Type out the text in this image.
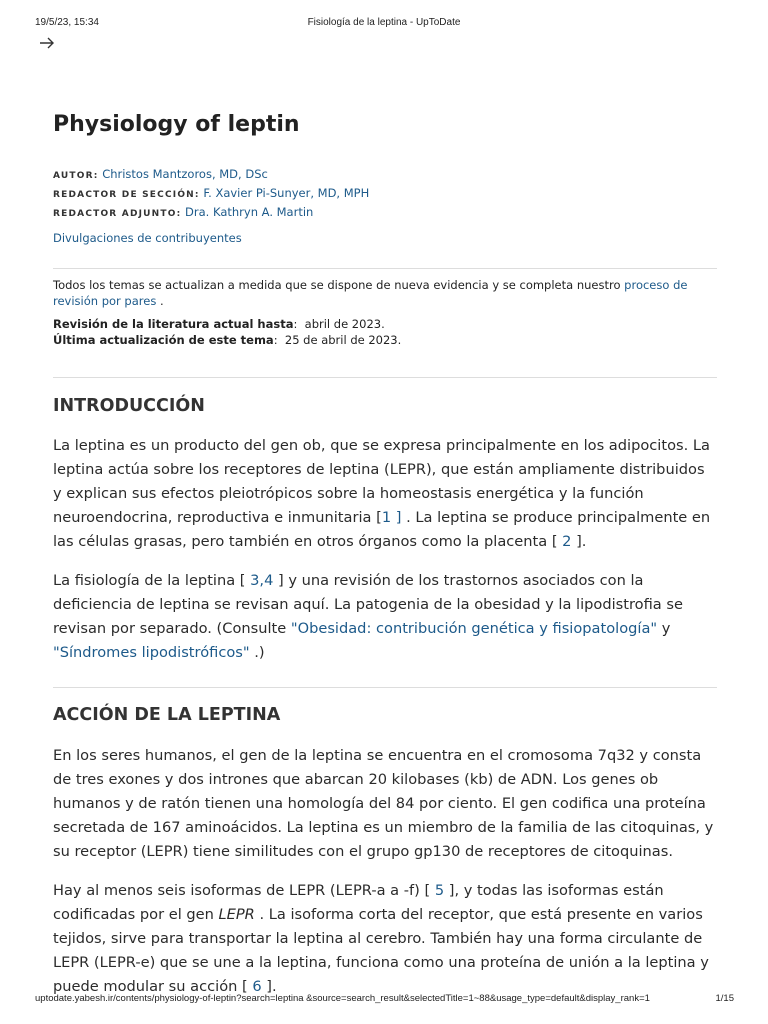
19/5/23, 15:34	Fisiología de la leptina - UpToDate
Physiology of leptin
AUTOR: Christos Mantzoros, MD, DSc
REDACTOR DE SECCIÓN: F. Xavier Pi-Sunyer, MD, MPH
REDACTOR ADJUNTO: Dra. Kathryn A. Martin
Divulgaciones de contribuyentes
Todos los temas se actualizan a medida que se dispone de nueva evidencia y se completa nuestro proceso de revisión por pares .
Revisión de la literatura actual hasta:  abril de 2023.
Última actualización de este tema:  25 de abril de 2023.
INTRODUCCIÓN

La leptina es un producto del gen ob, que se expresa principalmente en los adipocitos. La leptina actúa sobre los receptores de leptina (LEPR), que están ampliamente distribuidos y explican sus efectos pleiotrópicos sobre la homeostasis energética y la función neuroendocrina, reproductiva e inmunitaria [1 ] . La leptina se produce principalmente en las células grasas, pero también en otros órganos como la placenta [ 2 ].

La fisiología de la leptina [ 3,4 ] y una revisión de los trastornos asociados con la deficiencia de leptina se revisan aquí. La patogenia de la obesidad y la lipodistrofia se revisan por separado. (Consulte "Obesidad: contribución genética y fisiopatología" y "Síndromes lipodistróficos" .)

ACCIÓN DE LA LEPTINA

En los seres humanos, el gen de la leptina se encuentra en el cromosoma 7q32 y consta de tres exones y dos intrones que abarcan 20 kilobases (kb) de ADN. Los genes ob humanos y de ratón tienen una homología del 84 por ciento. El gen codifica una proteína secretada de 167 aminoácidos. La leptina es un miembro de la familia de las citoquinas, y su receptor (LEPR) tiene similitudes con el grupo gp130 de receptores de citoquinas.

Hay al menos seis isoformas de LEPR (LEPR-a a -f) [ 5 ], y todas las isoformas están codificadas por el gen LEPR . La isoforma corta del receptor, que está presente en varios tejidos, sirve para transportar la leptina al cerebro. También hay una forma circulante de LEPR (LEPR-e) que se une a la leptina, funciona como una proteína de unión a la leptina y puede modular su acción [ 6 ].

uptodate.yabesh.ir/contents/physiology-of-leptin?search=leptina &source=search_result&selectedTitle=1~88&usage_type=default&display_rank=1	1/15
